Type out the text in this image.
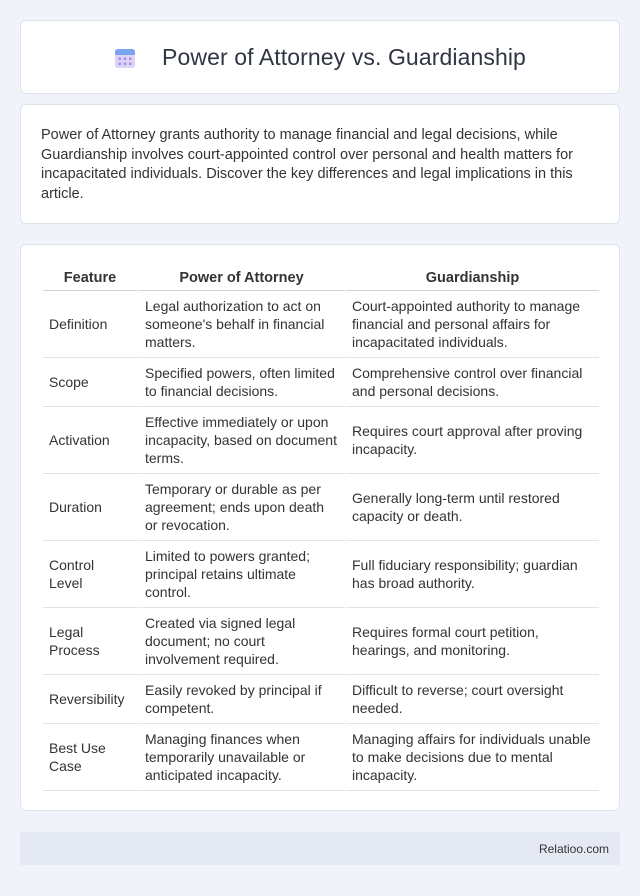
Power of Attorney vs. Guardianship

Power of Attorney grants authority to manage financial and legal decisions, while Guardianship involves court-appointed control over personal and health matters for incapacitated individuals. Discover the key differences and legal implications in this article.

Feature	Power of Attorney	Guardianship
Definition	Legal authorization to act on someone's behalf in financial matters.	Court-appointed authority to manage financial and personal affairs for incapacitated individuals.
Scope	Specified powers, often limited to financial decisions.	Comprehensive control over financial and personal decisions.
Activation	Effective immediately or upon incapacity, based on document terms.	Requires court approval after proving incapacity.
Duration	Temporary or durable as per agreement; ends upon death or revocation.	Generally long-term until restored capacity or death.
Control Level	Limited to powers granted; principal retains ultimate control.	Full fiduciary responsibility; guardian has broad authority.
Legal Process	Created via signed legal document; no court involvement required.	Requires formal court petition, hearings, and monitoring.
Reversibility	Easily revoked by principal if competent.	Difficult to reverse; court oversight needed.
Best Use Case	Managing finances when temporarily unavailable or anticipated incapacity.	Managing affairs for individuals unable to make decisions due to mental incapacity.
Relatioo.com
